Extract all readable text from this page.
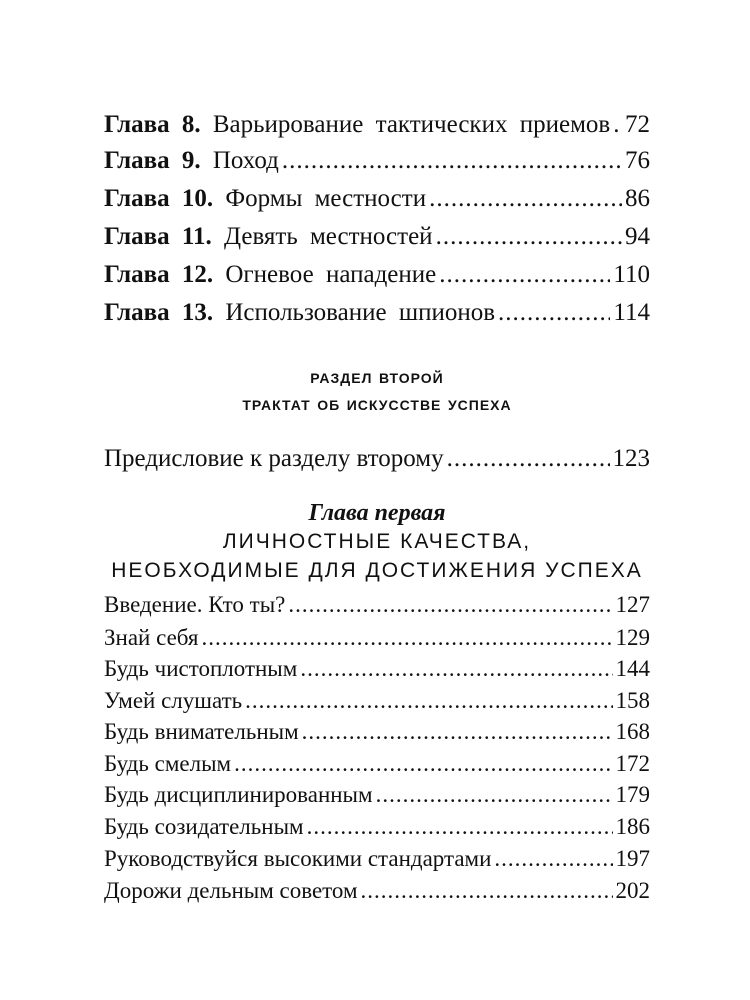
Глава 8. Варьирование тактических приемов ..... 72
Глава 9. Поход .....	76
Глава 10. Формы местности .....	86
Глава 11. Девять местностей .....	94
Глава 12. Огневое нападение .....	110
Глава 13. Использование шпионов .....	114
раздел второй
трактат об искусстве успеха
Предисловие к разделу второму .....	123
Глава первая
ЛИЧНОСТНЫЕ КАЧЕСТВА,
НЕОБХОДИМЫЕ ДЛЯ ДОСТИЖЕНИЯ УСПЕХА
Введение. Кто ты? .....	127
Знай себя .....	129
Будь чистоплотным .....	144
Умей слушать .....	158
Будь внимательным .....	168
Будь смелым .....	172
Будь дисциплинированным .....	179
Будь созидательным .....	186
Руководствуйся высокими стандартами .....	197
Дорожи дельным советом .....	202
